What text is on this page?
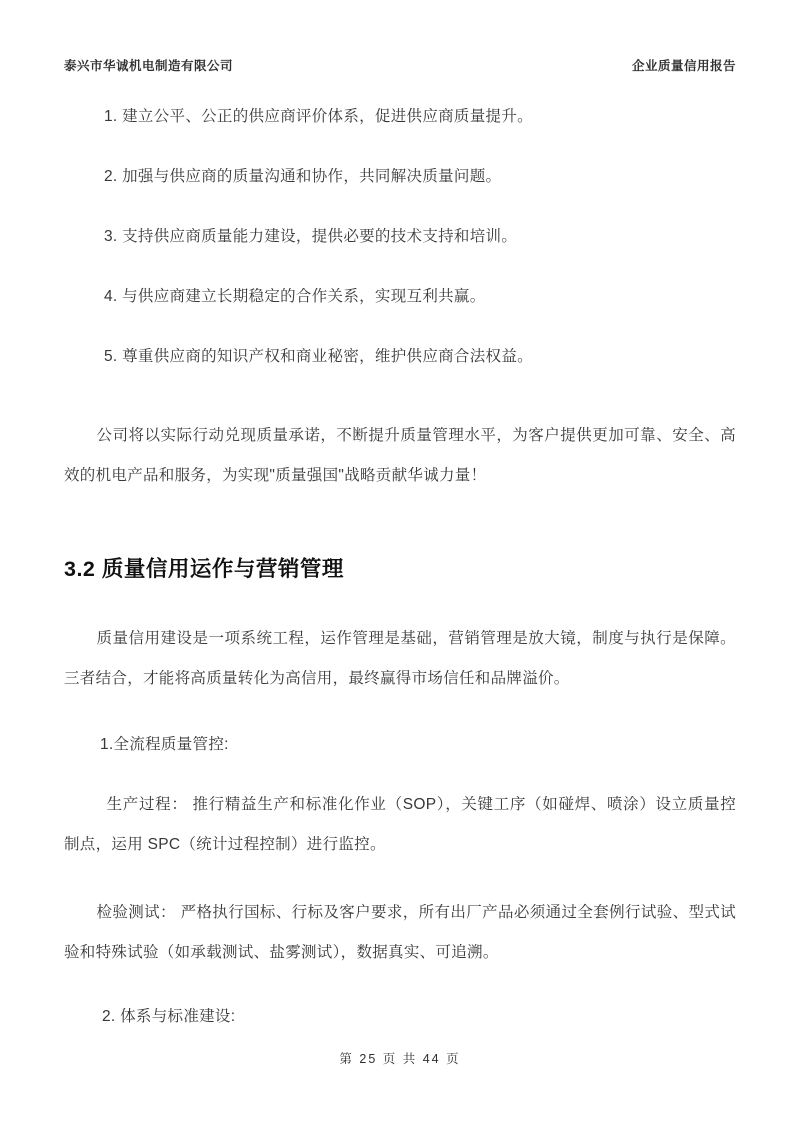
泰兴市华诚机电制造有限公司	企业质量信用报告
1. 建立公平、公正的供应商评价体系，促进供应商质量提升。
2. 加强与供应商的质量沟通和协作，共同解决质量问题。
3. 支持供应商质量能力建设，提供必要的技术支持和培训。
4. 与供应商建立长期稳定的合作关系，实现互利共赢。
5. 尊重供应商的知识产权和商业秘密，维护供应商合法权益。

公司将以实际行动兑现质量承诺，不断提升质量管理水平，为客户提供更加可靠、安全、高效的机电产品和服务，为实现"质量强国"战略贡献华诚力量！

3.2 质量信用运作与营销管理

质量信用建设是一项系统工程，运作管理是基础，营销管理是放大镜，制度与执行是保障。三者结合，才能将高质量转化为高信用，最终赢得市场信任和品牌溢价。

1.全流程质量管控:

生产过程： 推行精益生产和标准化作业（SOP），关键工序（如碰焊、喷涂）设立质量控制点，运用 SPC（统计过程控制）进行监控。

检验测试： 严格执行国标、行标及客户要求，所有出厂产品必须通过全套例行试验、型式试验和特殊试验（如承载测试、盐雾测试），数据真实、可追溯。

2. 体系与标准建设:

第 25 页 共 44 页
